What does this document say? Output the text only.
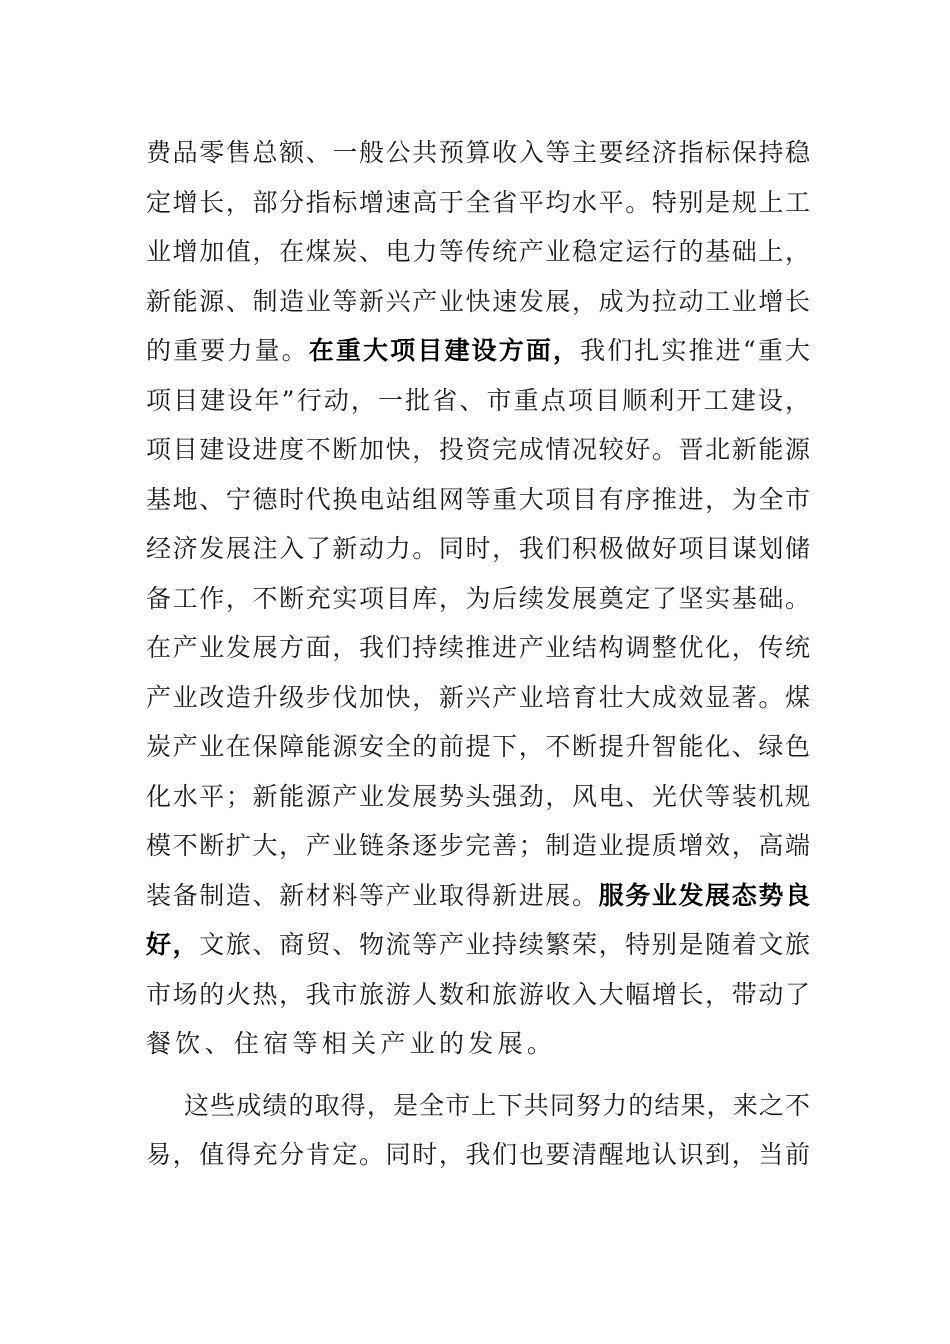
费品零售总额、一般公共预算收入等主要经济指标保持稳
定增长，部分指标增速高于全省平均水平。特别是规上工
业增加值，在煤炭、电力等传统产业稳定运行的基础上，
新能源、制造业等新兴产业快速发展，成为拉动工业增长
的重要力量。在重大项目建设方面，我们扎实推进“重大
项目建设年”行动，一批省、市重点项目顺利开工建设，
项目建设进度不断加快，投资完成情况较好。晋北新能源
基地、宁德时代换电站组网等重大项目有序推进，为全市
经济发展注入了新动力。同时，我们积极做好项目谋划储
备工作，不断充实项目库，为后续发展奠定了坚实基础。
在产业发展方面，我们持续推进产业结构调整优化，传统
产业改造升级步伐加快，新兴产业培育壮大成效显著。煤
炭产业在保障能源安全的前提下，不断提升智能化、绿色
化水平；新能源产业发展势头强劲，风电、光伏等装机规
模不断扩大，产业链条逐步完善；制造业提质增效，高端
装备制造、新材料等产业取得新进展。服务业发展态势良
好，文旅、商贸、物流等产业持续繁荣，特别是随着文旅
市场的火热，我市旅游人数和旅游收入大幅增长，带动了
餐饮、住宿等相关产业的发展。
这些成绩的取得，是全市上下共同努力的结果，来之不
易，值得充分肯定。同时，我们也要清醒地认识到，当前
